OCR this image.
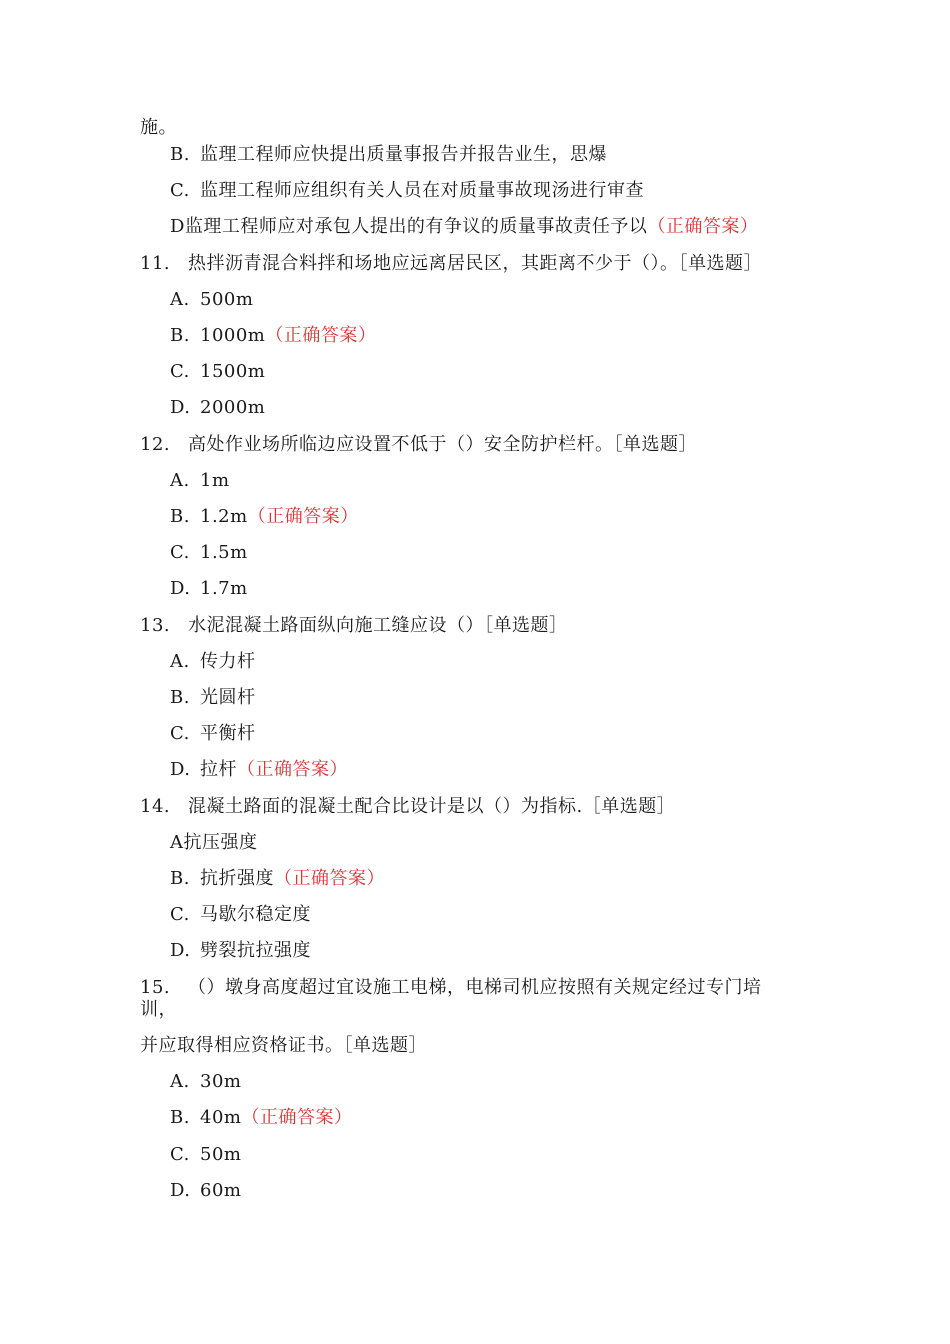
施。
B. 监理工程师应快提出质量事报告并报告业生，思爆
C. 监理工程师应组织有关人员在对质量事故现汤进行审查
D监理工程师应对承包人提出的有争议的质量事故责任予以（正确答案）
11. 热拌沥青混合料拌和场地应远离居民区，其距离不少于（）。［单选题］
A. 500m
B. 1000m（正确答案）
C. 1500m
D. 2000m
12. 高处作业场所临边应设置不低于（）安全防护栏杆。［单选题］
A. 1m
B. 1.2m（正确答案）
C. 1.5m
D. 1.7m
13. 水泥混凝土路面纵向施工缝应设（）［单选题］
A. 传力杆
B. 光圆杆
C. 平衡杆
D. 拉杆（正确答案）
14. 混凝土路面的混凝土配合比设计是以（）为指标.［单选题］
A抗压强度
B. 抗折强度（正确答案）
C. 马歇尔稳定度
D. 劈裂抗拉强度
15. （）墩身高度超过宜设施工电梯，电梯司机应按照有关规定经过专门培
训，
并应取得相应资格证书。［单选题］
A. 30m
B. 40m（正确答案）
C. 50m
D. 60m
